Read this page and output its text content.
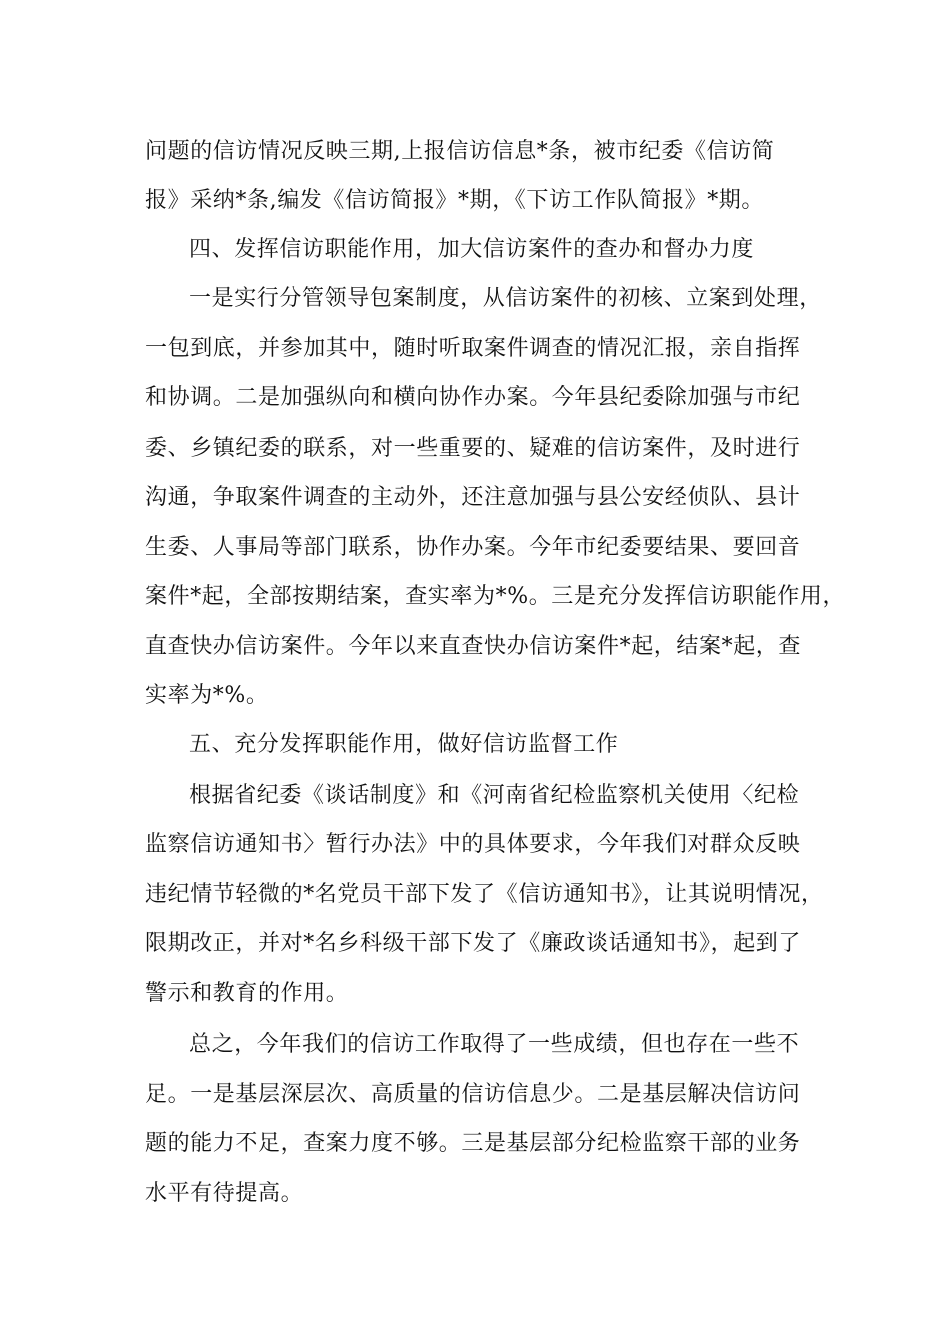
问题的信访情况反映三期,上报信访信息*条，被市纪委《信访简
报》采纳*条,编发《信访简报》*期，《下访工作队简报》*期。
四、发挥信访职能作用，加大信访案件的查办和督办力度
一是实行分管领导包案制度，从信访案件的初核、立案到处理，
一包到底，并参加其中，随时听取案件调查的情况汇报，亲自指挥
和协调。二是加强纵向和横向协作办案。今年县纪委除加强与市纪
委、乡镇纪委的联系，对一些重要的、疑难的信访案件，及时进行
沟通，争取案件调查的主动外，还注意加强与县公安经侦队、县计
生委、人事局等部门联系，协作办案。今年市纪委要结果、要回音
案件*起，全部按期结案，查实率为*%。三是充分发挥信访职能作用，
直查快办信访案件。今年以来直查快办信访案件*起，结案*起，查
实率为*%。
五、充分发挥职能作用，做好信访监督工作
根据省纪委《谈话制度》和《河南省纪检监察机关使用〈纪检
监察信访通知书〉暂行办法》中的具体要求，今年我们对群众反映
违纪情节轻微的*名党员干部下发了《信访通知书》，让其说明情况，
限期改正，并对*名乡科级干部下发了《廉政谈话通知书》，起到了
警示和教育的作用。
总之，今年我们的信访工作取得了一些成绩，但也存在一些不
足。一是基层深层次、高质量的信访信息少。二是基层解决信访问
题的能力不足，查案力度不够。三是基层部分纪检监察干部的业务
水平有待提高。
